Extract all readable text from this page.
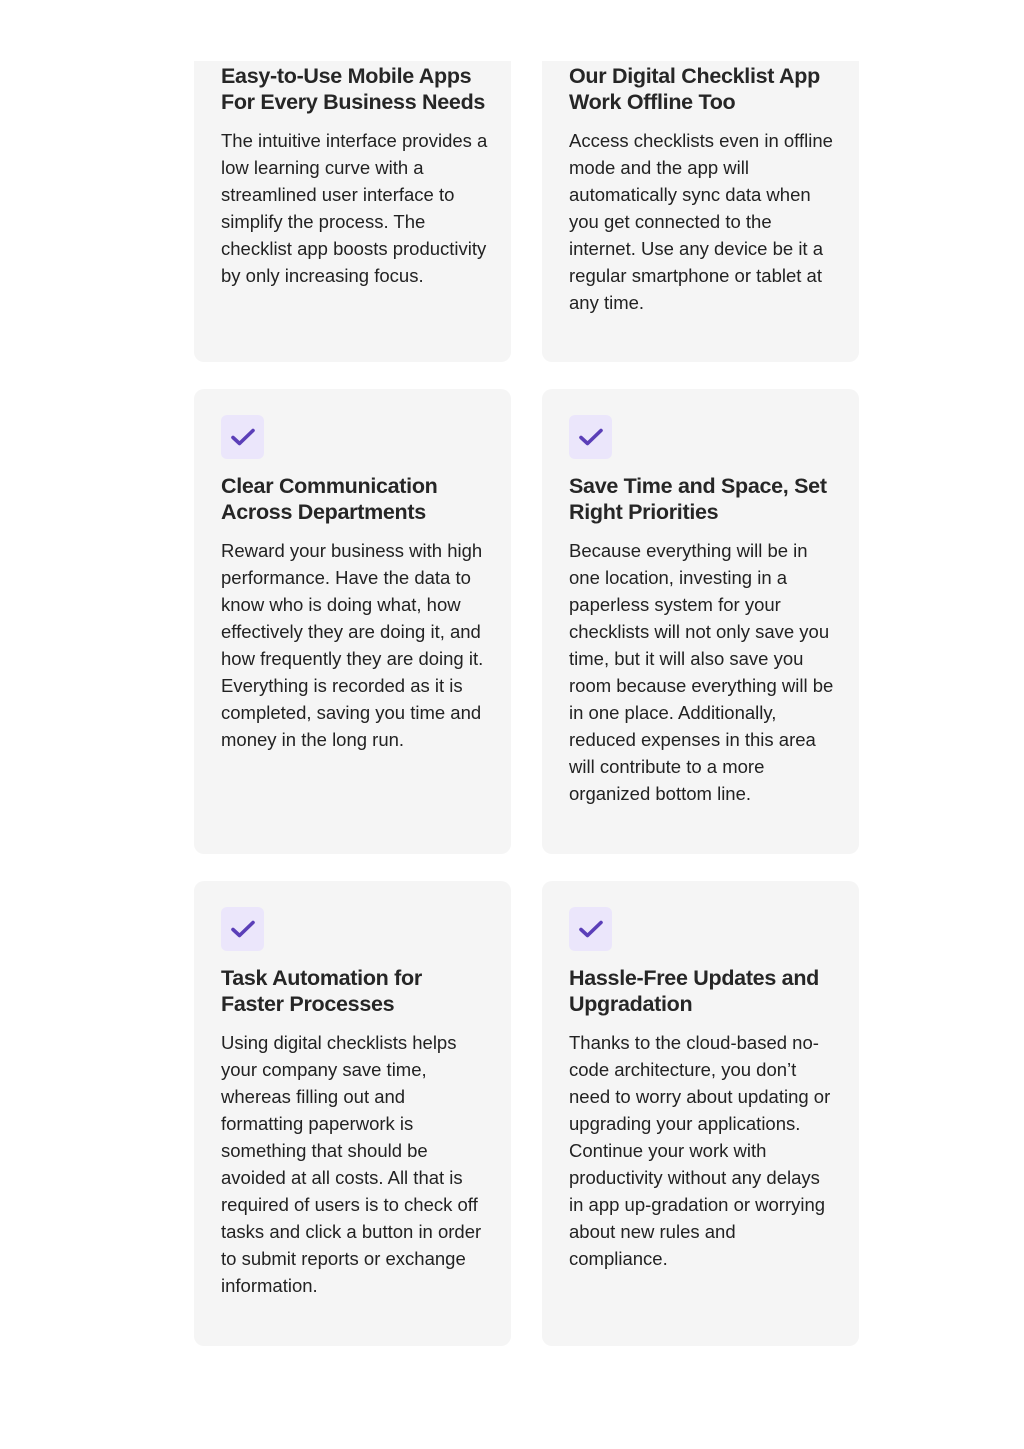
Easy-to-Use Mobile Apps For Every Business Needs

The intuitive interface provides a low learning curve with a streamlined user interface to simplify the process. The checklist app boosts productivity by only increasing focus.

Our Digital Checklist App Work Offline Too

Access checklists even in offline mode and the app will automatically sync data when you get connected to the internet. Use any device be it a regular smartphone or tablet at any time.

Clear Communication Across Departments

Reward your business with high performance. Have the data to know who is doing what, how effectively they are doing it, and how frequently they are doing it. Everything is recorded as it is completed, saving you time and money in the long run.

Save Time and Space, Set Right Priorities

Because everything will be in one location, investing in a paperless system for your checklists will not only save you time, but it will also save you room because everything will be in one place. Additionally, reduced expenses in this area will contribute to a more organized bottom line.

Task Automation for Faster Processes

Using digital checklists helps your company save time, whereas filling out and formatting paperwork is something that should be avoided at all costs. All that is required of users is to check off tasks and click a button in order to submit reports or exchange information.

Hassle-Free Updates and Upgradation

Thanks to the cloud-based no-code architecture, you don’t need to worry about updating or upgrading your applications. Continue your work with productivity without any delays in app up-gradation or worrying about new rules and compliance.
